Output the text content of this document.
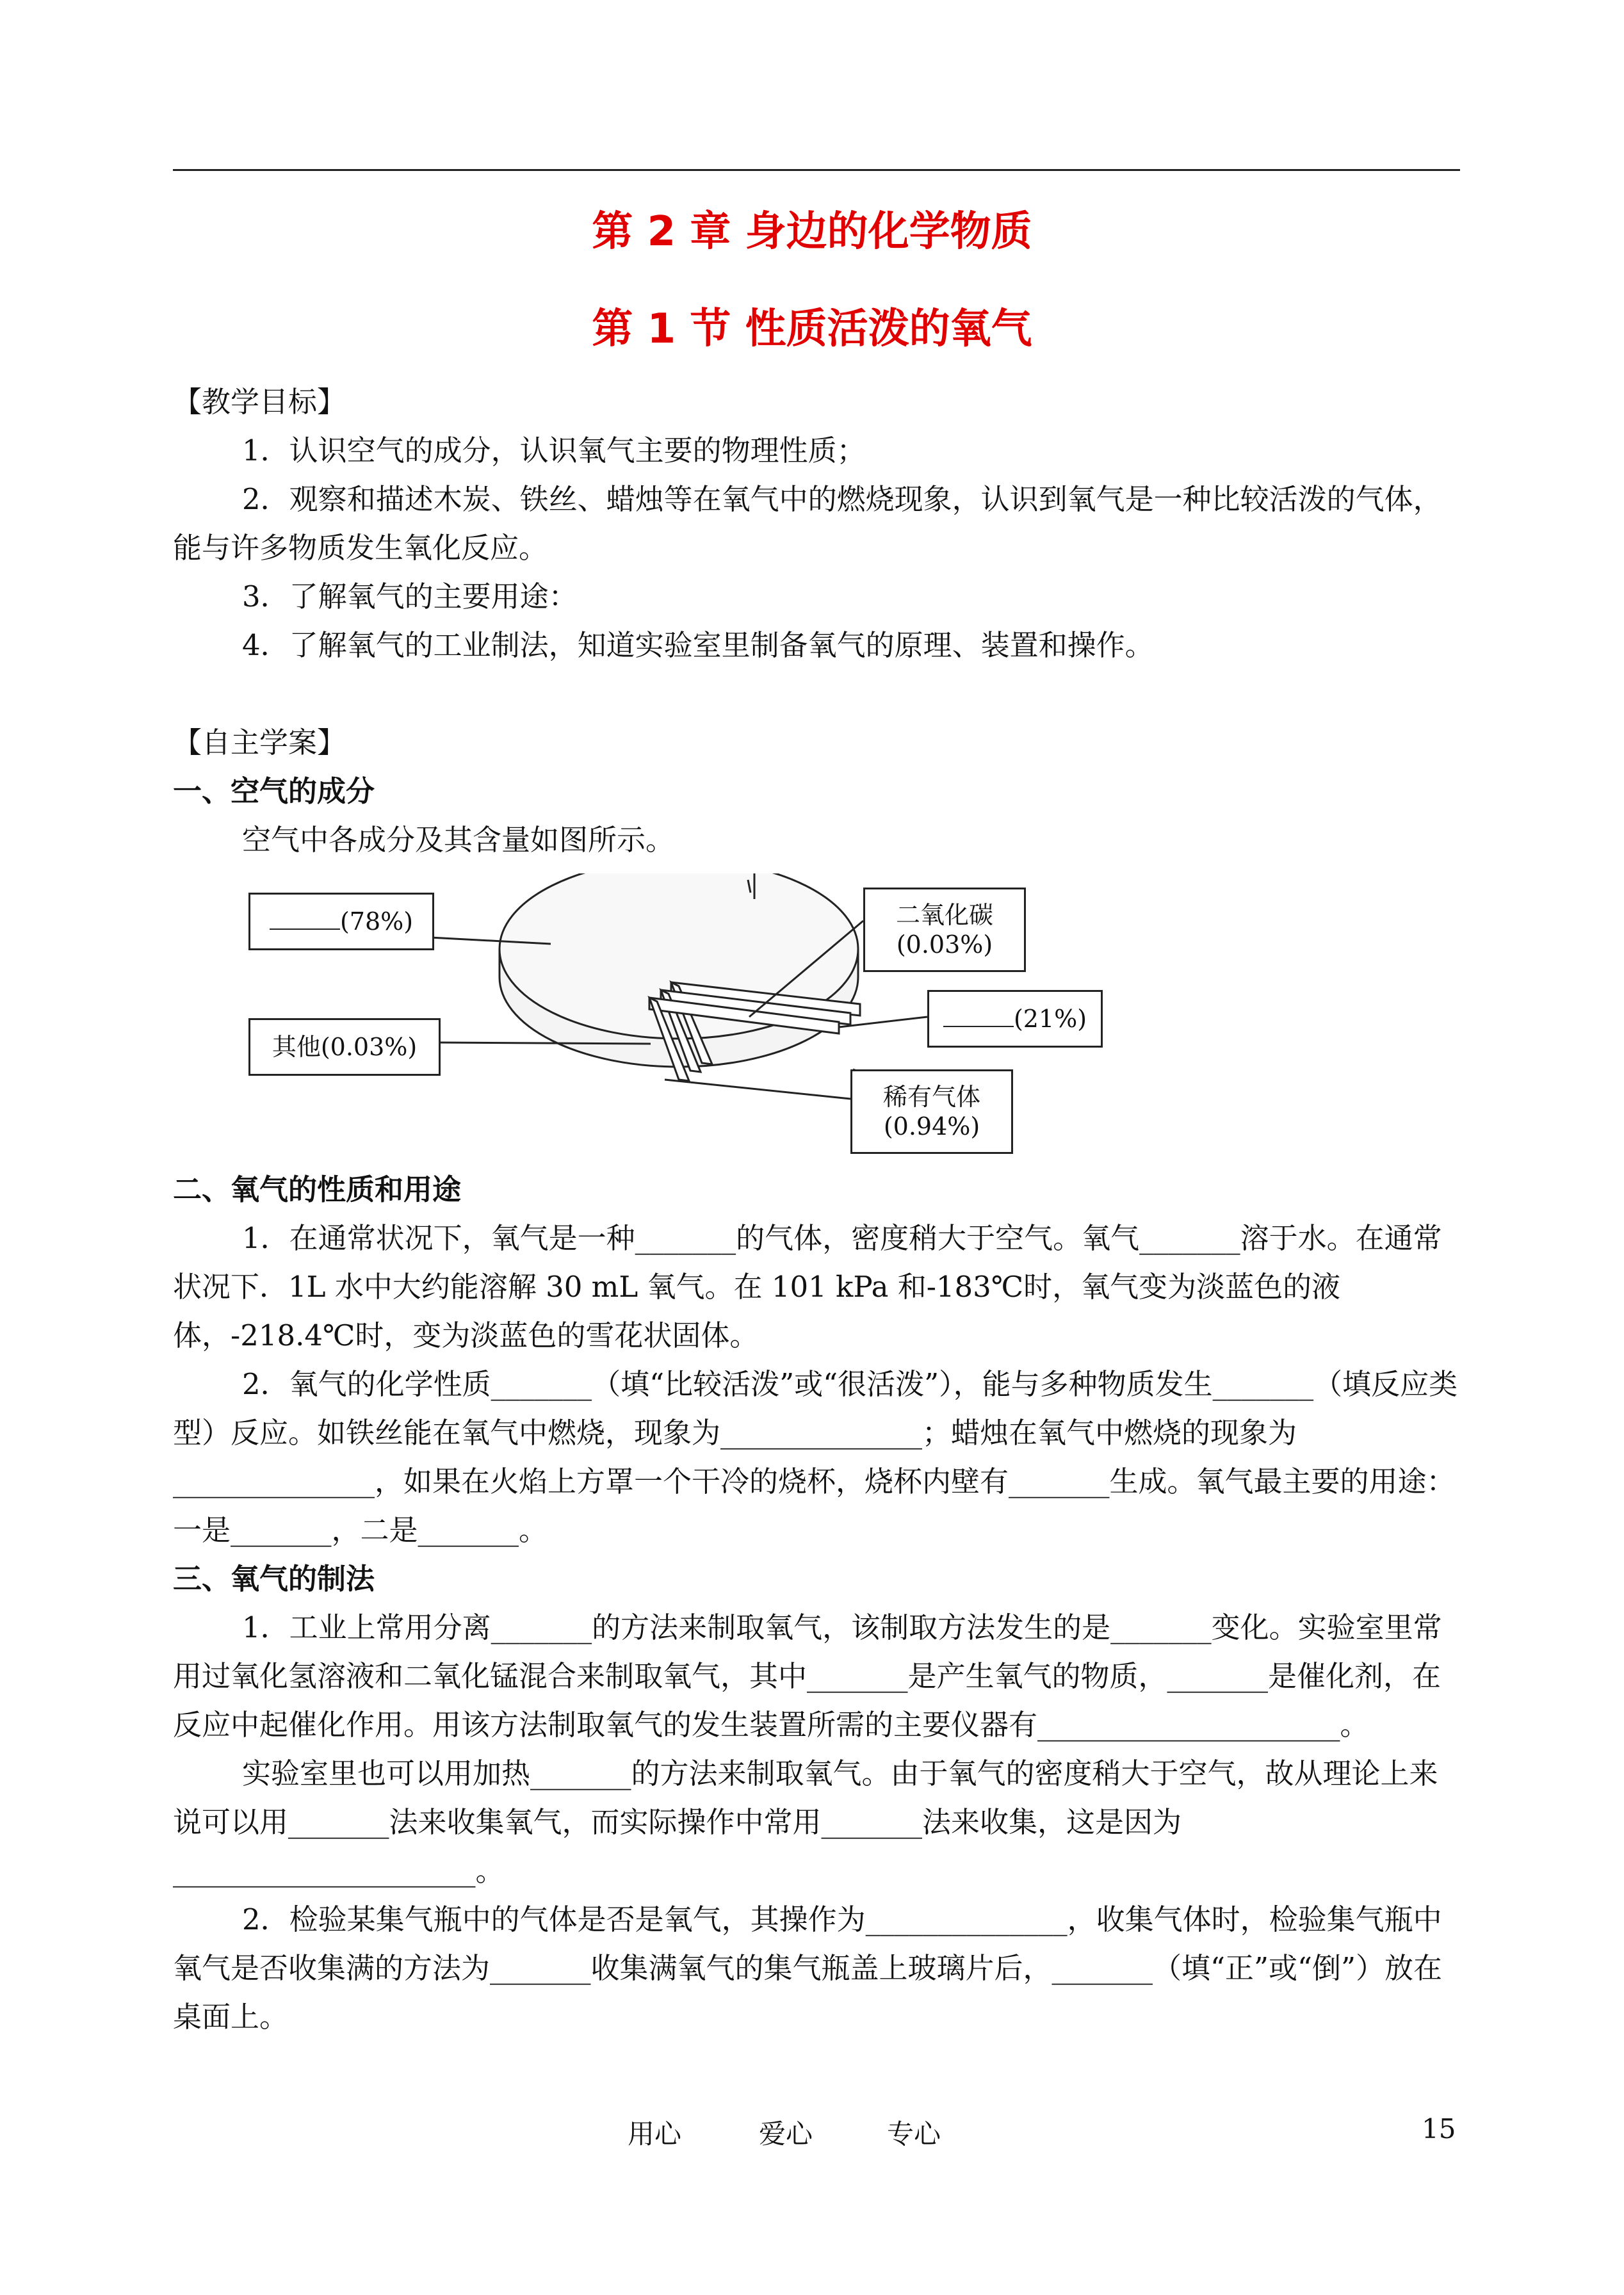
第 2 章 身边的化学物质
第 1 节 性质活泼的氧气

【教学目标】

1．认识空气的成分，认识氧气主要的物理性质；

2．观察和描述木炭、铁丝、蜡烛等在氧气中的燃烧现象，认识到氧气是一种比较活泼的气体，能与许多物质发生氧化反应。

3．了解氧气的主要用途：

4．了解氧气的工业制法，知道实验室里制备氧气的原理、装置和操作。

【自主学案】

一、空气的成分

空气中各成分及其含量如图所示。

(78%)	二氧化碳
(0.03%)
(21%)
其他(0.03%)
稀有气体
(0.94%)

二、氧气的性质和用途

1．在通常状况下，氧气是一种_______的气体，密度稍大于空气。氧气_______溶于水。在通常状况下．1L 水中大约能溶解 30 mL 氧气。在 101 kPa 和-183℃时，氧气变为淡蓝色的液体，-218.4℃时，变为淡蓝色的雪花状固体。

2．氧气的化学性质_______（填“比较活泼”或“很活泼”），能与多种物质发生_______（填反应类型）反应。如铁丝能在氧气中燃烧，现象为______________；蜡烛在氧气中燃烧的现象为______________，如果在火焰上方罩一个干冷的烧杯，烧杯内壁有_______生成。氧气最主要的用途：一是_______，二是_______。

三、氧气的制法

1．工业上常用分离_______的方法来制取氧气，该制取方法发生的是_______变化。实验室里常用过氧化氢溶液和二氧化锰混合来制取氧气，其中_______是产生氧气的物质，_______是催化剂，在反应中起催化作用。用该方法制取氧气的发生装置所需的主要仪器有_____________________。

实验室里也可以用加热_______的方法来制取氧气。由于氧气的密度稍大于空气，故从理论上来说可以用_______法来收集氧气，而实际操作中常用_______法来收集，这是因为_____________________。

2．检验某集气瓶中的气体是否是氧气，其操作为______________，收集气体时，检验集气瓶中氧气是否收集满的方法为_______收集满氧气的集气瓶盖上玻璃片后，_______（填“正”或“倒”）放在桌面上。

用心	爱心	专心	15
